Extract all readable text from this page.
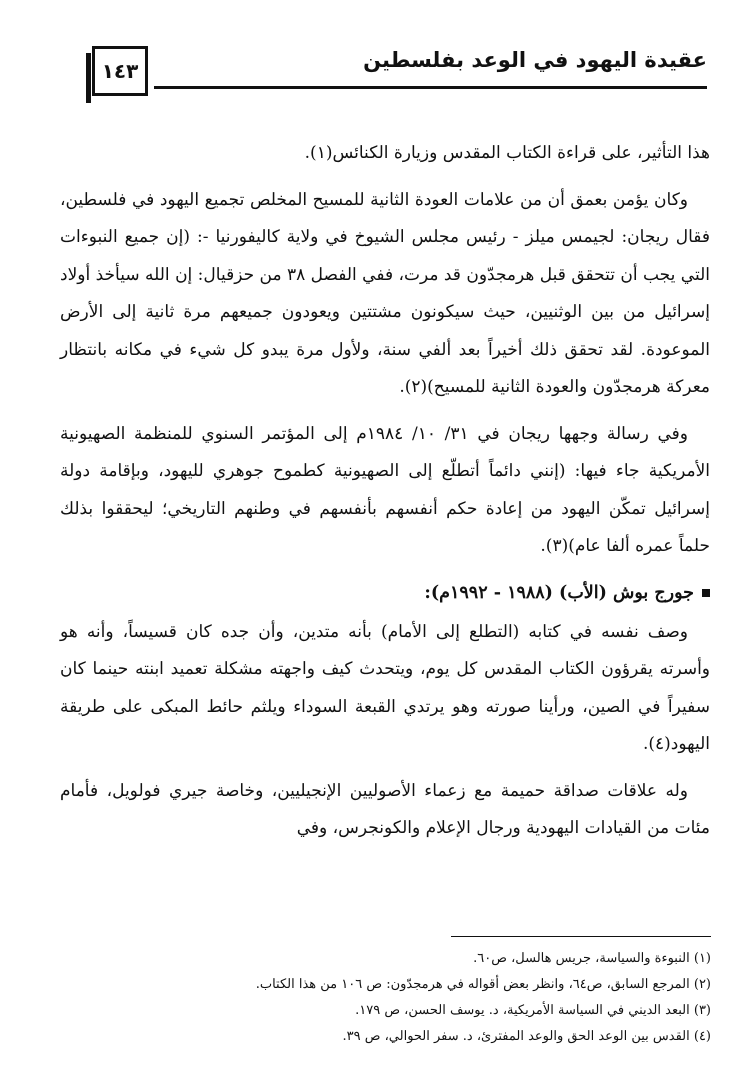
عقيدة اليهود في الوعد بفلسطين
١٤٣

هذا التأثير، على قراءة الكتاب المقدس وزيارة الكنائس(١).

وكان يؤمن بعمق أن من علامات العودة الثانية للمسيح المخلص تجميع اليهود في فلسطين، فقال ريجان: لجيمس ميلز - رئيس مجلس الشيوخ في ولاية كاليفورنيا -: (إن جميع النبوءات التي يجب أن تتحقق قبل هرمجدّون قد مرت، ففي الفصل ٣٨ من حزقيال: إن الله سيأخذ أولاد إسرائيل من بين الوثنيين، حيث سيكونون مشتتين ويعودون جميعهم مرة ثانية إلى الأرض الموعودة. لقد تحقق ذلك أخيراً بعد ألفي سنة، ولأول مرة يبدو كل شيء في مكانه بانتظار معركة هرمجدّون والعودة الثانية للمسيح)(٢).

وفي رسالة وجهها ريجان في ٣١/ ١٠/ ١٩٨٤م إلى المؤتمر السنوي للمنظمة الصهيونية الأمريكية جاء فيها: (إنني دائماً أتطلّع إلى الصهيونية كطموح جوهري لليهود، وبإقامة دولة إسرائيل تمكّن اليهود من إعادة حكم أنفسهم بأنفسهم في وطنهم التاريخي؛ ليحققوا بذلك حلماً عمره ألفا عام)(٣).

جورج بوش (الأب) (١٩٨٨ - ١٩٩٢م):

وصف نفسه في كتابه (التطلع إلى الأمام) بأنه متدين، وأن جده كان قسيساً، وأنه هو وأسرته يقرؤون الكتاب المقدس كل يوم، ويتحدث كيف واجهته مشكلة تعميد ابنته حينما كان سفيراً في الصين، ورأينا صورته وهو يرتدي القبعة السوداء ويلثم حائط المبكى على طريقة اليهود(٤).

وله علاقات صداقة حميمة مع زعماء الأصوليين الإنجيليين، وخاصة جيري فولويل، فأمام مئات من القيادات اليهودية ورجال الإعلام والكونجرس، وفي

(١) النبوءة والسياسة، جريس هالسل، ص٦٠.

(٢) المرجع السابق، ص٦٤، وانظر بعض أقواله في هرمجدّون: ص ١٠٦ من هذا الكتاب.

(٣) البعد الديني في السياسة الأمريكية، د. يوسف الحسن، ص ١٧٩.

(٤) القدس بين الوعد الحق والوعد المفترئ، د. سفر الحوالي، ص ٣٩.
